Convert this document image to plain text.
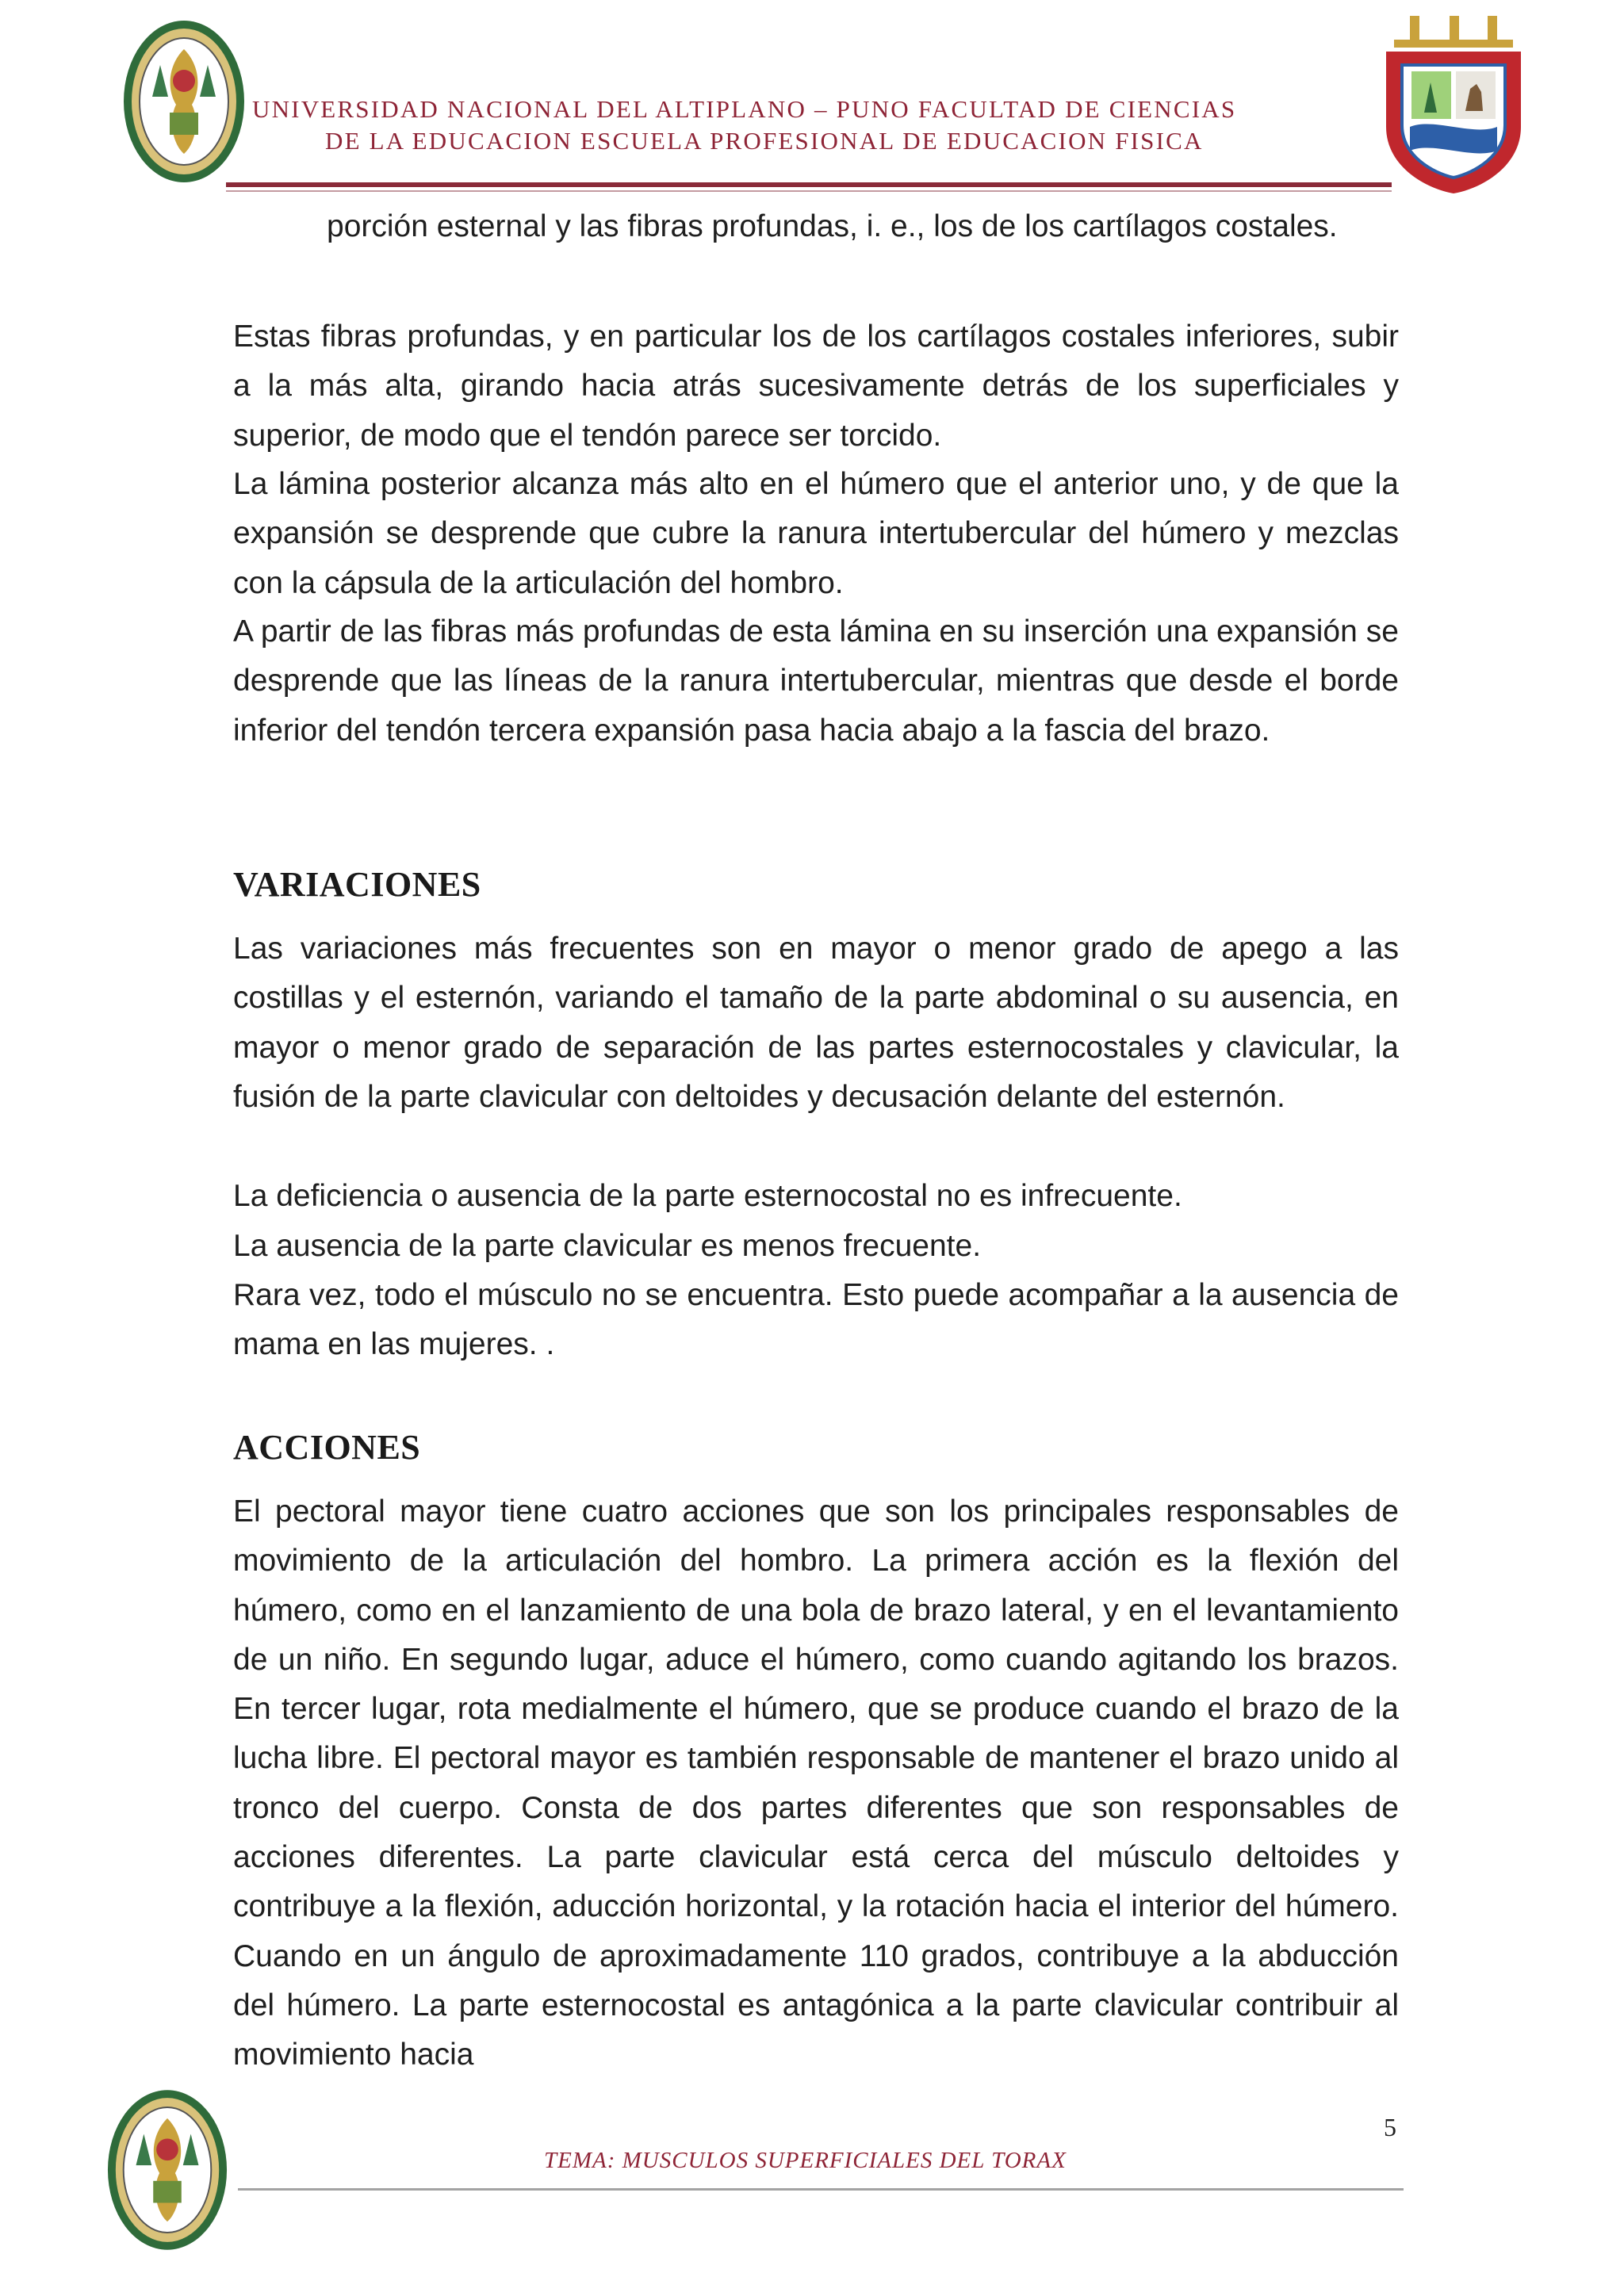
UNIVERSIDAD NACIONAL DEL ALTIPLANO – PUNO FACULTAD DE CIENCIAS
DE LA EDUCACION ESCUELA PROFESIONAL DE EDUCACION FISICA

porción esternal y las fibras profundas, i. e., los de los cartílagos costales.

Estas fibras profundas, y en particular los de los cartílagos costales inferiores, subir a la más alta, girando hacia atrás sucesivamente detrás de los superficiales y superior, de modo que el tendón parece ser torcido.

La lámina posterior alcanza más alto en el húmero que el anterior uno, y de que la expansión se desprende que cubre la ranura intertubercular del húmero y mezclas con la cápsula de la articulación del hombro.

A partir de las fibras más profundas de esta lámina en su inserción una expansión se desprende que las líneas de la ranura intertubercular, mientras que desde el borde inferior del tendón tercera expansión pasa hacia abajo a la fascia del brazo.

VARIACIONES

Las variaciones más frecuentes son en mayor o menor grado de apego a las costillas y el esternón, variando el tamaño de la parte abdominal o su ausencia, en mayor o menor grado de separación de las partes esternocostales y clavicular, la fusión de la parte clavicular con deltoides y decusación delante del esternón.

La deficiencia o ausencia de la parte esternocostal no es infrecuente.

La ausencia de la parte clavicular es menos frecuente.

Rara vez, todo el músculo no se encuentra. Esto puede acompañar a la ausencia de mama en las mujeres. .

ACCIONES

El pectoral mayor tiene cuatro acciones que son los principales responsables de movimiento de la articulación del hombro. La primera acción es la flexión del húmero, como en el lanzamiento de una bola de brazo lateral, y en el levantamiento de un niño. En segundo lugar, aduce el húmero, como cuando agitando los brazos. En tercer lugar, rota medialmente el húmero, que se produce cuando el brazo de la lucha libre. El pectoral mayor es también responsable de mantener el brazo unido al tronco del cuerpo. Consta de dos partes diferentes que son responsables de acciones diferentes. La parte clavicular está cerca del músculo deltoides y contribuye a la flexión, aducción horizontal, y la rotación hacia el interior del húmero. Cuando en un ángulo de aproximadamente 110 grados, contribuye a la abducción del húmero. La parte esternocostal es antagónica a la parte clavicular contribuir al movimiento hacia

5
TEMA: MUSCULOS SUPERFICIALES DEL TORAX
